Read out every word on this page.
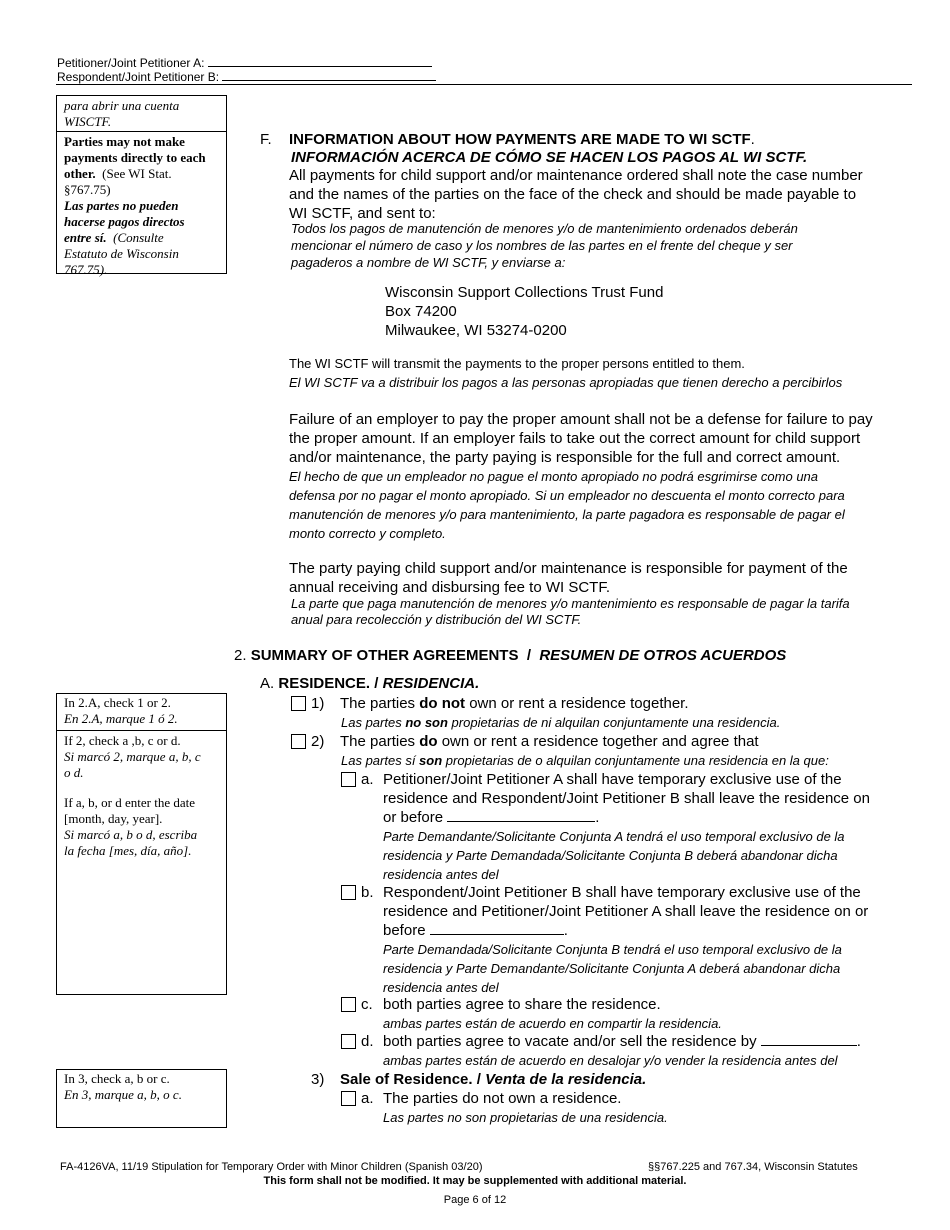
Petitioner/Joint Petitioner A:
Respondent/Joint Petitioner B:
para abrir una cuenta
WISCTF.
Parties may not make
payments directly to each
other. (See WI Stat.
§767.75)
Las partes no pueden
hacerse pagos directos
entre sí. (Consulte
Estatuto de Wisconsin
767.75).
In 2.A, check 1 or 2.
En 2.A, marque 1 ó 2.
If 2, check a ,b, c or d.
Si marcó 2, marque a, b, c
o d.
If a, b, or d enter the date
[month, day, year].
Si marcó a, b o d, escriba
la fecha [mes, día, año].
In 3, check a, b or c.
En 3, marque a, b, o c.
F. INFORMATION ABOUT HOW PAYMENTS ARE MADE TO WI SCTF.
INFORMACIÓN ACERCA DE CÓMO SE HACEN LOS PAGOS AL WI SCTF.
All payments for child support and/or maintenance ordered shall note the case number
and the names of the parties on the face of the check and should be made payable to
WI SCTF, and sent to:
Todos los pagos de manutención de menores y/o de mantenimiento ordenados deberán
mencionar el número de caso y los nombres de las partes en el frente del cheque y ser
pagaderos a nombre de WI SCTF, y enviarse a:
Wisconsin Support Collections Trust Fund
Box 74200
Milwaukee, WI 53274-0200
The WI SCTF will transmit the payments to the proper persons entitled to them.
El WI SCTF va a distribuir los pagos a las personas apropiadas que tienen derecho a percibirlos
Failure of an employer to pay the proper amount shall not be a defense for failure to pay
the proper amount. If an employer fails to take out the correct amount for child support
and/or maintenance, the party paying is responsible for the full and correct amount.
El hecho de que un empleador no pague el monto apropiado no podrá esgrimirse como una
defensa por no pagar el monto apropiado. Si un empleador no descuenta el monto correcto para
manutención de menores y/o para mantenimiento, la parte pagadora es responsable de pagar el
monto correcto y completo.
The party paying child support and/or maintenance is responsible for payment of the
annual receiving and disbursing fee to WI SCTF.
La parte que paga manutención de menores y/o mantenimiento es responsable de pagar la tarifa
anual para recolección y distribución del WI SCTF.
2. SUMMARY OF OTHER AGREEMENTS / RESUMEN DE OTROS ACUERDOS
A. RESIDENCE. / RESIDENCIA.
1) The parties do not own or rent a residence together.
Las partes no son propietarias de ni alquilan conjuntamente una residencia.
2) The parties do own or rent a residence together and agree that
Las partes sí son propietarias de o alquilan conjuntamente una residencia en la que:
a. Petitioner/Joint Petitioner A shall have temporary exclusive use of the
residence and Respondent/Joint Petitioner B shall leave the residence on
or before	.
Parte Demandante/Solicitante Conjunta A tendrá el uso temporal exclusivo de la
residencia y Parte Demandada/Solicitante Conjunta B deberá abandonar dicha
residencia antes del
b. Respondent/Joint Petitioner B shall have temporary exclusive use of the
residence and Petitioner/Joint Petitioner A shall leave the residence on or
before	.
Parte Demandada/Solicitante Conjunta B tendrá el uso temporal exclusivo de la
residencia y Parte Demandante/Solicitante Conjunta A deberá abandonar dicha
residencia antes del
c. both parties agree to share the residence.
ambas partes están de acuerdo en compartir la residencia.
d. both parties agree to vacate and/or sell the residence by	.
ambas partes están de acuerdo en desalojar y/o vender la residencia antes del
3) Sale of Residence. / Venta de la residencia.
a. The parties do not own a residence.
Las partes no son propietarias de una residencia.
FA-4126VA, 11/19 Stipulation for Temporary Order with Minor Children (Spanish 03/20)	§§767.225 and 767.34, Wisconsin Statutes
This form shall not be modified. It may be supplemented with additional material.
Page 6 of 12
